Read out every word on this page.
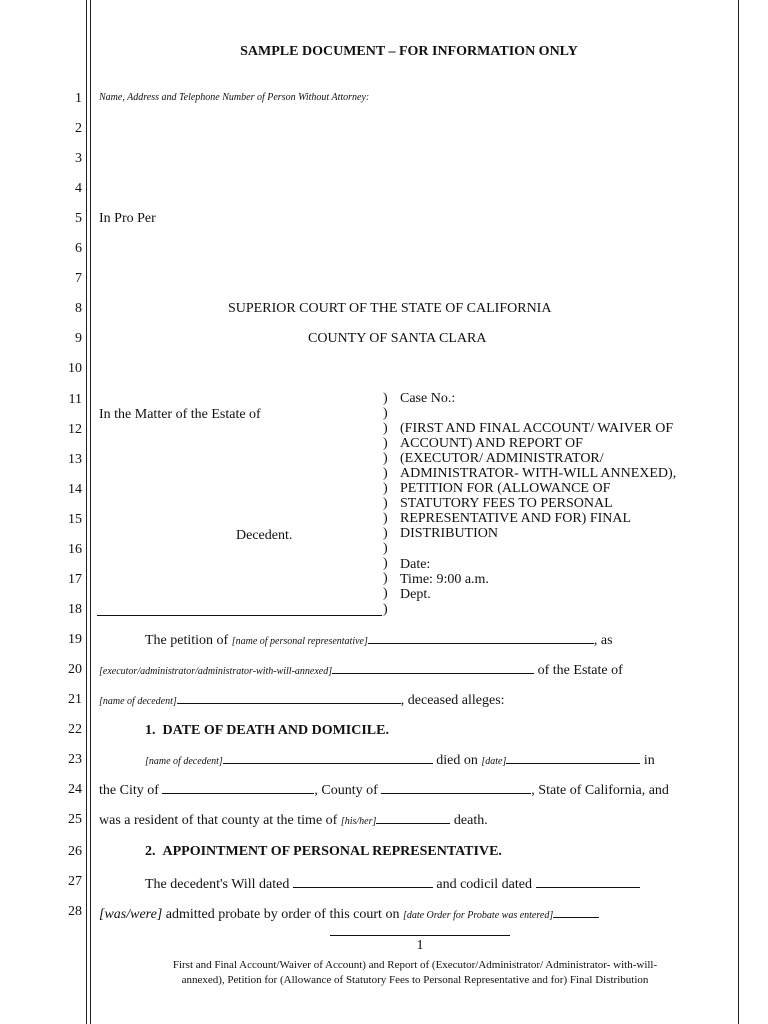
SAMPLE DOCUMENT – FOR INFORMATION ONLY
1
2
3
4
5
6
7
8
9
10
11
12
13
14
15
16
17
18
19
20
21
22
23
24
25
26
27
28
Name, Address and Telephone Number of Person Without Attorney:
In Pro Per
SUPERIOR COURT OF THE STATE OF CALIFORNIA
COUNTY OF SANTA CLARA
In the Matter of the Estate of
Decedent.
)
)
)
)
)
)
)
)
)
)
)
)
)
)
)
Case No.:
(FIRST AND FINAL ACCOUNT/ WAIVER OF
ACCOUNT) AND REPORT OF
(EXECUTOR/ ADMINISTRATOR/
ADMINISTRATOR- WITH-WILL ANNEXED),
PETITION FOR (ALLOWANCE OF
STATUTORY FEES TO PERSONAL
REPRESENTATIVE AND FOR) FINAL
DISTRIBUTION
Date:
Time: 9:00 a.m.
Dept.
The petition of [name of personal representative]	, as
[executor/administrator/administrator-with-will-annexed]	of the Estate of
[name of decedent]	, deceased alleges:
1. DATE OF DEATH AND DOMICILE.
[name of decedent]	died on [date]	in
the City of	, County of	, State of California, and
was a resident of that county at the time of [his/her]	death.
2. APPOINTMENT OF PERSONAL REPRESENTATIVE.
The decedent's Will dated	and codicil dated
[was/were] admitted probate by order of this court on [date Order for Probate was entered]
1
First and Final Account/Waiver of Account) and Report of (Executor/Administrator/ Administrator- with-will-
annexed), Petition for (Allowance of Statutory Fees to Personal Representative and for) Final Distribution
